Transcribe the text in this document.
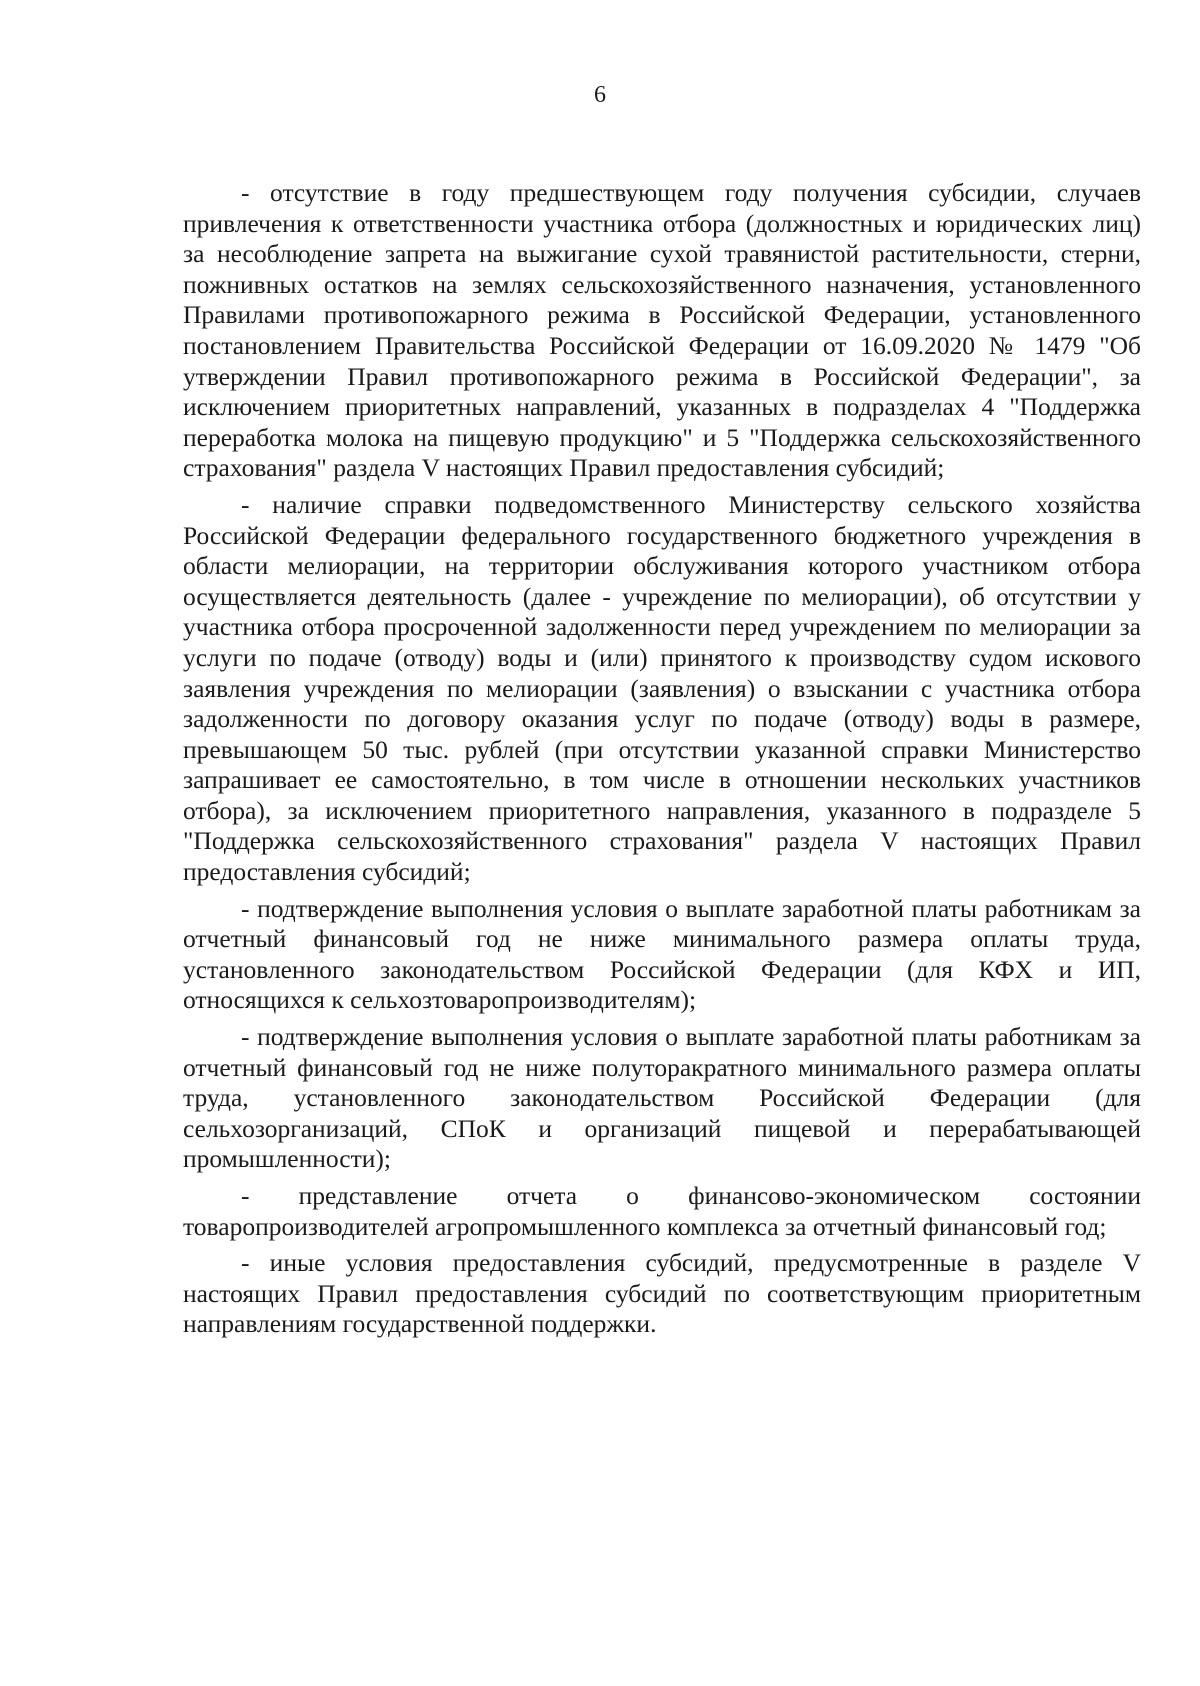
6

- отсутствие в году предшествующем году получения субсидии, случаев привлечения к ответственности участника отбора (должностных и юридических лиц) за несоблюдение запрета на выжигание сухой травянистой растительности, стерни, пожнивных остатков на землях сельскохозяйственного назначения, установленного Правилами противопожарного режима в Российской Федерации, установленного постановлением Правительства Российской Федерации от 16.09.2020 № 1479 "Об утверждении Правил противопожарного режима в Российской Федерации", за исключением приоритетных направлений, указанных в подразделах 4 "Поддержка переработка молока на пищевую продукцию" и 5 "Поддержка сельскохозяйственного страхования" раздела V настоящих Правил предоставления субсидий;

- наличие справки подведомственного Министерству сельского хозяйства Российской Федерации федерального государственного бюджетного учреждения в области мелиорации, на территории обслуживания которого участником отбора осуществляется деятельность (далее - учреждение по мелиорации), об отсутствии у участника отбора просроченной задолженности перед учреждением по мелиорации за услуги по подаче (отводу) воды и (или) принятого к производству судом искового заявления учреждения по мелиорации (заявления) о взыскании с участника отбора задолженности по договору оказания услуг по подаче (отводу) воды в размере, превышающем 50 тыс. рублей (при отсутствии указанной справки Министерство запрашивает ее самостоятельно, в том числе в отношении нескольких участников отбора), за исключением приоритетного направления, указанного в подразделе 5 "Поддержка сельскохозяйственного страхования" раздела V настоящих Правил предоставления субсидий;

- подтверждение выполнения условия о выплате заработной платы работникам за отчетный финансовый год не ниже минимального размера оплаты труда, установленного законодательством Российской Федерации (для КФХ и ИП, относящихся к сельхозтоваропроизводителям);

- подтверждение выполнения условия о выплате заработной платы работникам за отчетный финансовый год не ниже полуторакратного минимального размера оплаты труда, установленного законодательством Российской Федерации (для сельхозорганизаций, СПоК и организаций пищевой и перерабатывающей промышленности);

- представление отчета о финансово-экономическом состоянии товаропроизводителей агропромышленного комплекса за отчетный финансовый год;

- иные условия предоставления субсидий, предусмотренные в разделе V настоящих Правил предоставления субсидий по соответствующим приоритетным направлениям государственной поддержки.
